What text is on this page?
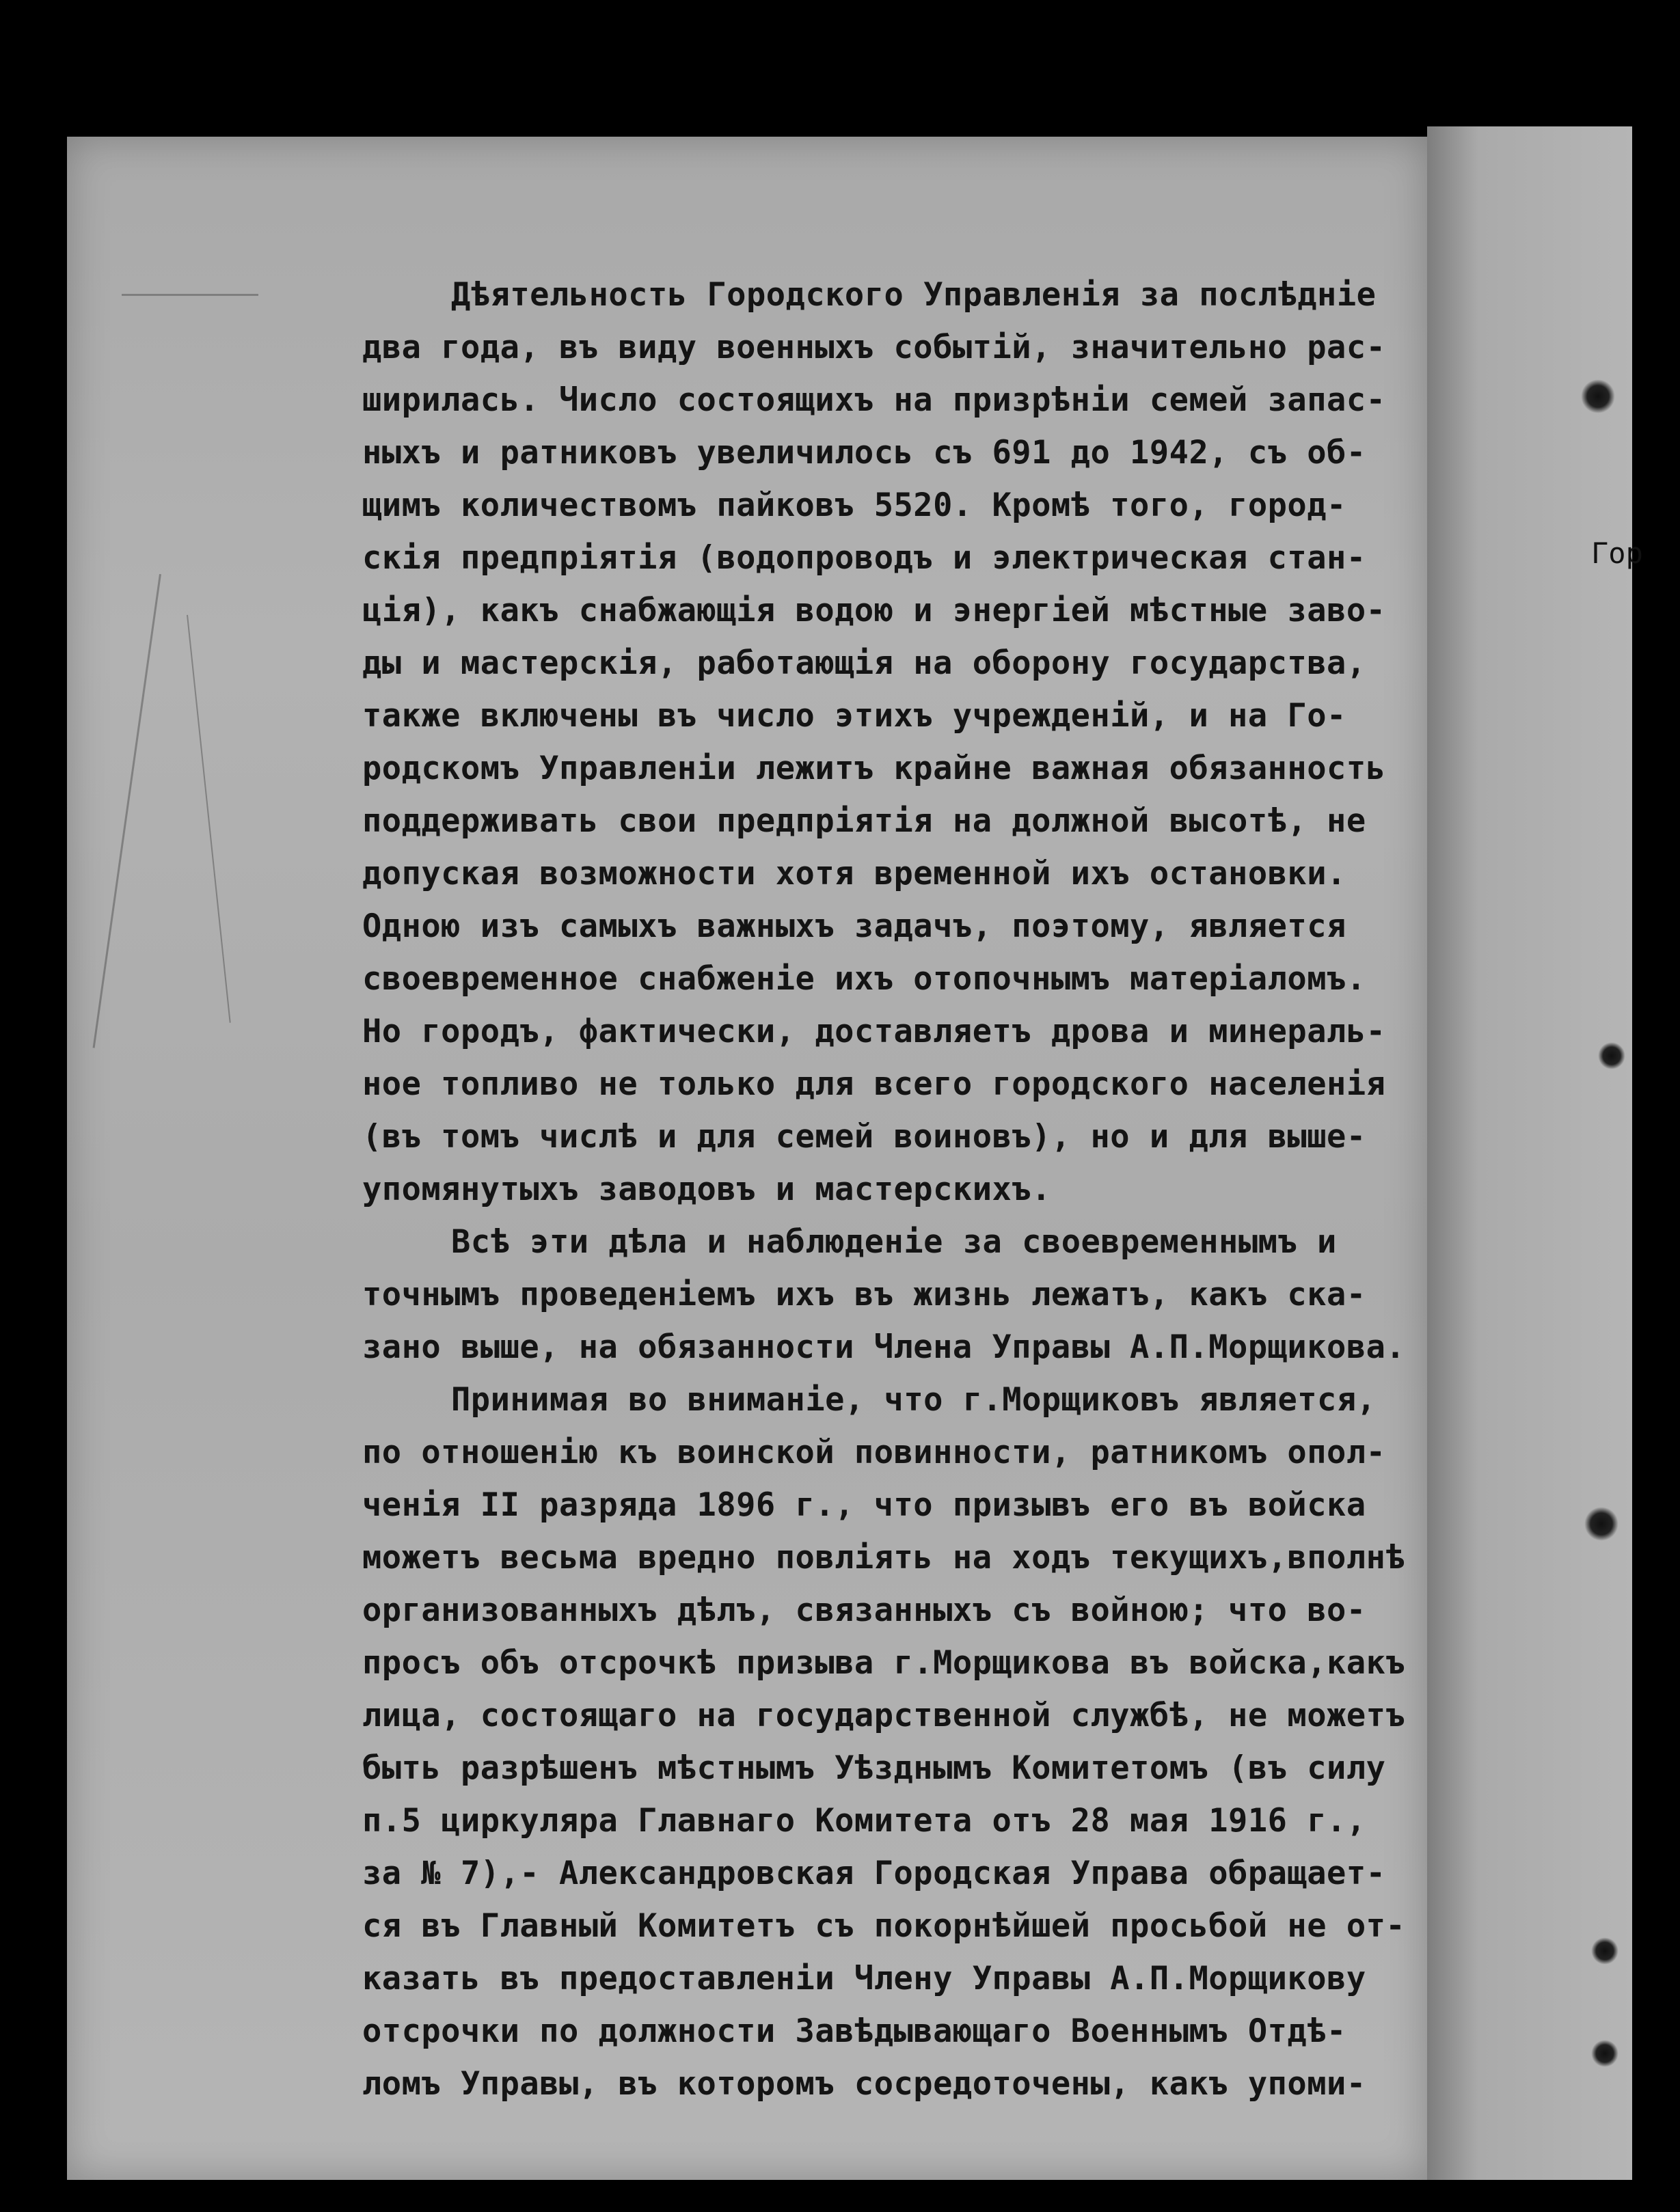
Гор
Дѣятельность Городского Управленія за послѣдніе
два года, въ виду военныхъ событій, значительно рас-
ширилась. Число состоящихъ на призрѣніи семей запас-
ныхъ и ратниковъ увеличилось съ 691 до 1942, съ об-
щимъ количествомъ пайковъ 5520. Кромѣ того, город-
скія предпріятія (водопроводъ и электрическая стан-
ція), какъ снабжающія водою и энергіей мѣстные заво-
ды и мастерскія, работающія на оборону государства,
также включены въ число этихъ учрежденій, и на Го-
родскомъ Управленіи лежитъ крайне важная обязанность
поддерживать свои предпріятія на должной высотѣ, не
допуская возможности хотя временной ихъ остановки.
Одною изъ самыхъ важныхъ задачъ, поэтому, является
своевременное снабженіе ихъ отопочнымъ матеріаломъ.
Но городъ, фактически, доставляетъ дрова и минераль-
ное топливо не только для всего городского населенія
(въ томъ числѣ и для семей воиновъ), но и для выше-
упомянутыхъ заводовъ и мастерскихъ.
Всѣ эти дѣла и наблюденіе за своевременнымъ и
точнымъ проведеніемъ ихъ въ жизнь лежатъ, какъ ска-
зано выше, на обязанности Члена Управы А.П.Морщикова.
Принимая во вниманіе, что г.Морщиковъ является,
по отношенію къ воинской повинности, ратникомъ опол-
ченія II разряда 1896 г., что призывъ его въ войска
можетъ весьма вредно повліять на ходъ текущихъ,вполнѣ
организованныхъ дѣлъ, связанныхъ съ войною; что во-
просъ объ отсрочкѣ призыва г.Морщикова въ войска,какъ
лица, состоящаго на государственной службѣ, не можетъ
быть разрѣшенъ мѣстнымъ Уѣзднымъ Комитетомъ (въ силу
п.5 циркуляра Главнаго Комитета отъ 28 мая 1916 г.,
за № 7),- Александровская Городская Управа обращает-
ся въ Главный Комитетъ съ покорнѣйшей просьбой не от-
казать въ предоставленіи Члену Управы А.П.Морщикову
отсрочки по должности Завѣдывающаго Военнымъ Отдѣ-
ломъ Управы, въ которомъ сосредоточены, какъ упоми-
